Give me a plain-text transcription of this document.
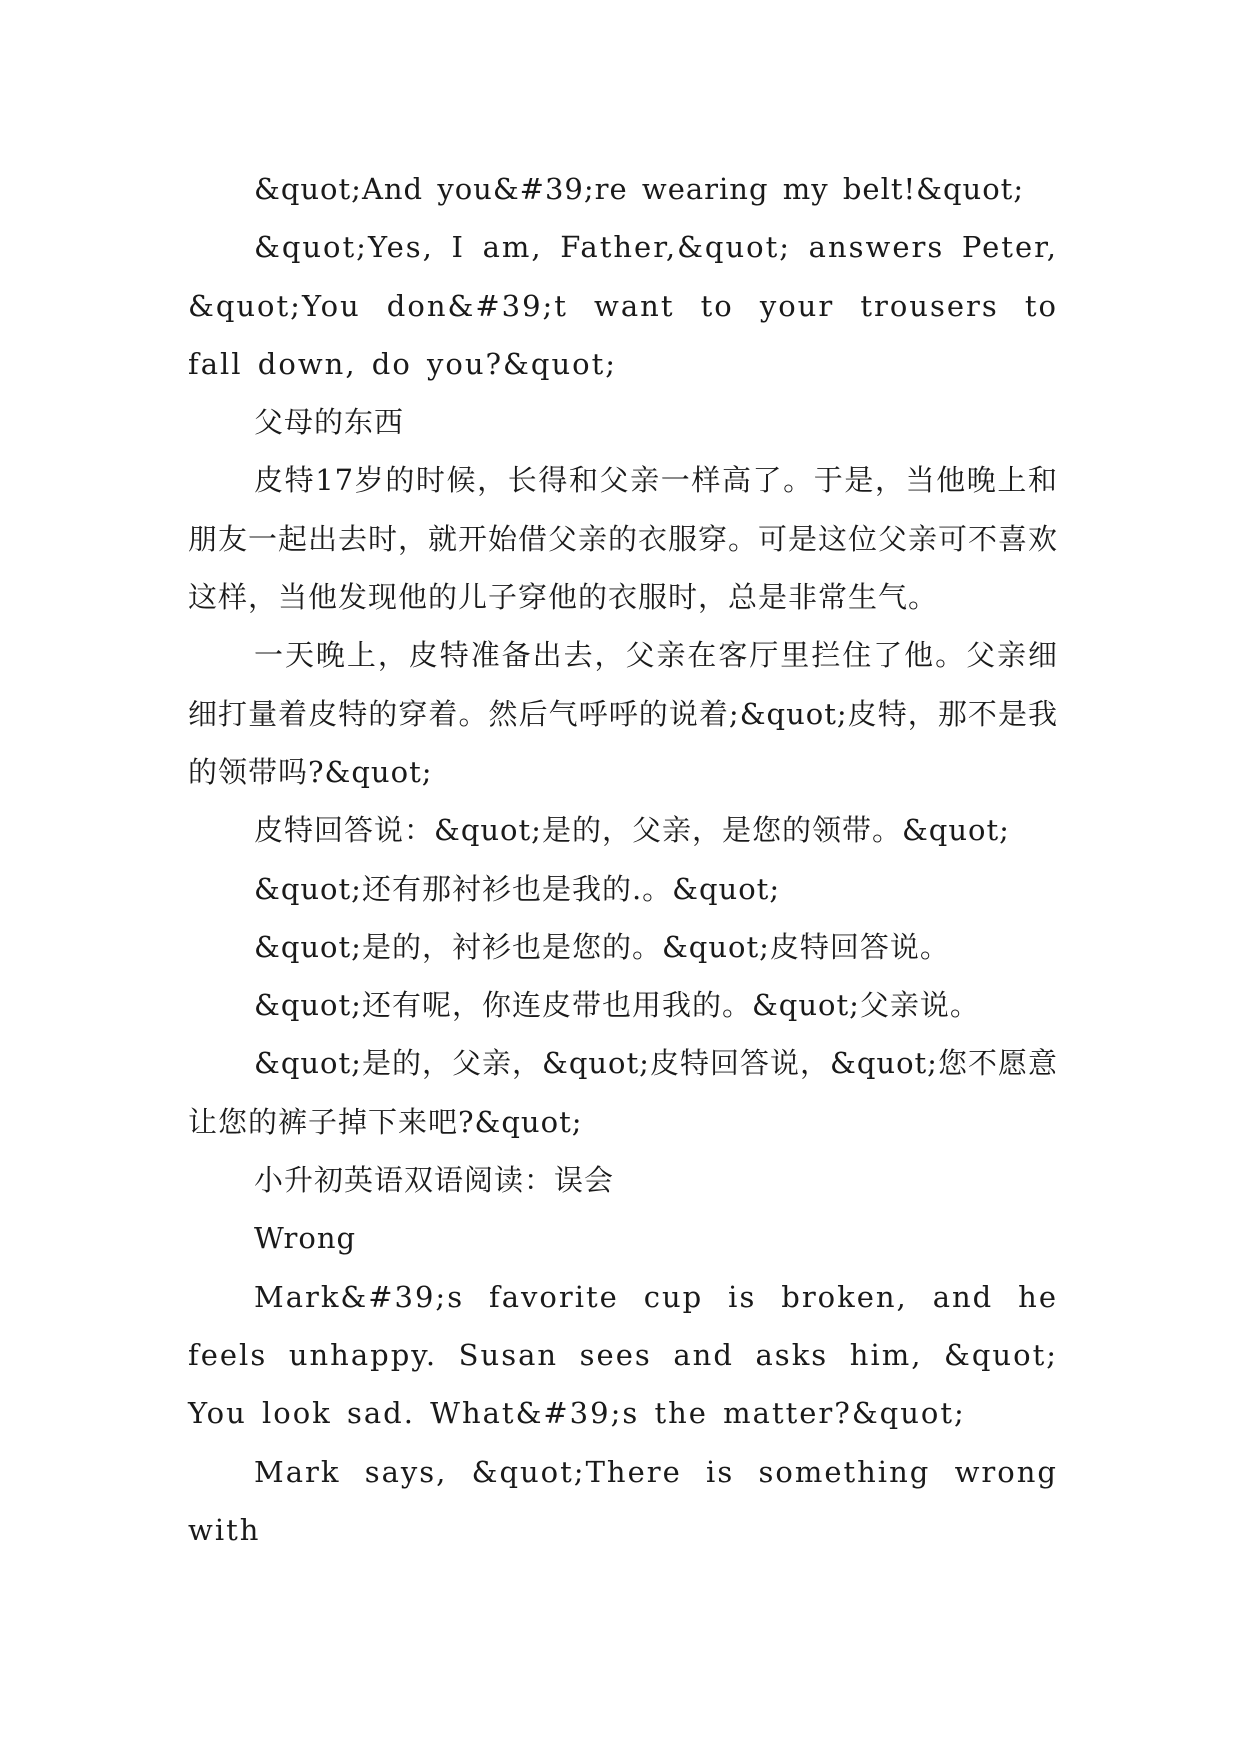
&quot;And you&#39;re wearing my belt!&quot;

&quot;Yes, I am, Father,&quot; answers Peter, &quot;You don&#39;t want to your trousers to fall down, do you?&quot;

父母的东西

皮特17岁的时候，长得和父亲一样高了。于是，当他晚上和朋友一起出去时，就开始借父亲的衣服穿。可是这位父亲可不喜欢这样，当他发现他的儿子穿他的衣服时，总是非常生气。

一天晚上，皮特准备出去，父亲在客厅里拦住了他。父亲细细打量着皮特的穿着。然后气呼呼的说着;&quot;皮特，那不是我的领带吗?&quot;

皮特回答说：&quot;是的，父亲，是您的领带。&quot;

&quot;还有那衬衫也是我的.。&quot;

&quot;是的，衬衫也是您的。&quot;皮特回答说。

&quot;还有呢，你连皮带也用我的。&quot;父亲说。

&quot;是的，父亲，&quot;皮特回答说，&quot;您不愿意让您的裤子掉下来吧?&quot;

小升初英语双语阅读：误会

Wrong

Mark&#39;s favorite cup is broken, and he feels unhappy. Susan sees and asks him, &quot; You look sad. What&#39;s the matter?&quot;

Mark says, &quot;There is something wrong with
